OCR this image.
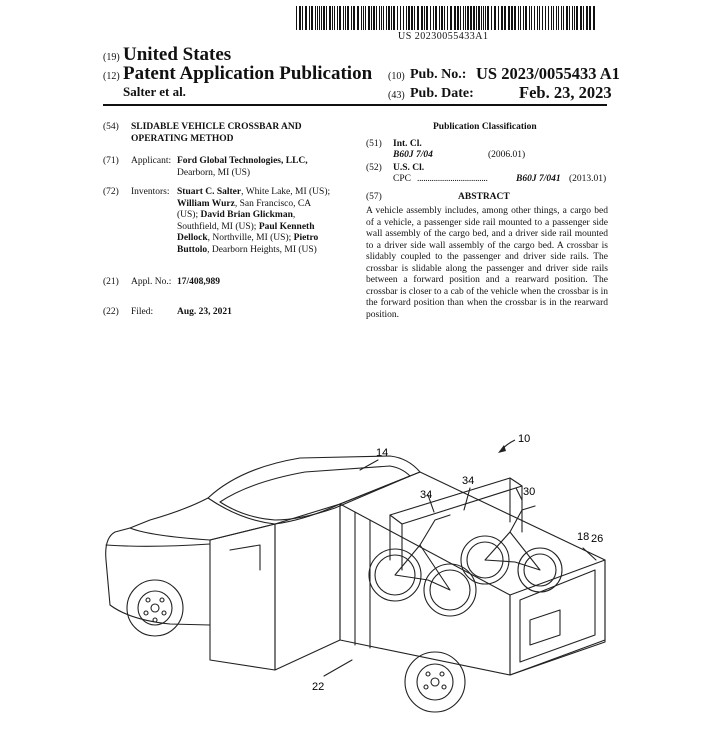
US 20230055433A1
(19) United States
(12) Patent Application Publication
Salter et al.
(10) Pub. No.: US 2023/0055433 A1
(43) Pub. Date:	Feb. 23, 2023
(54) SLIDABLE VEHICLE CROSSBAR AND
OPERATING METHOD
(71) Applicant: Ford Global Technologies, LLC,
Dearborn, MI (US)
(72) Inventors: Stuart C. Salter, White Lake, MI (US);
William Wurz, San Francisco, CA
(US); David Brian Glickman,
Southfield, MI (US); Paul Kenneth
Dellock, Northville, MI (US); Pietro
Buttolo, Dearborn Heights, MI (US)
(21) Appl. No.: 17/408,989
(22) Filed:	Aug. 23, 2021
Publication Classification
(51) Int. Cl.
B60J 7/04	(2006.01)
(52) U.S. Cl.
CPC ..................................	B60J 7/041 (2013.01)
(57)	ABSTRACT
A vehicle assembly includes, among other things, a cargo bed of a vehicle, a passenger side rail mounted to a passenger side wall assembly of the cargo bed, and a driver side rail mounted to a driver side wall assembly of the cargo bed. A crossbar is slidably coupled to the passenger and driver side rails. The crossbar is slidable along the passenger and driver side rails between a forward position and a rearward position. The crossbar is closer to a cab of the vehicle when the crossbar is in the forward position than when the crossbar is in the rearward position.
14
10
34
34
30
18 26
22
